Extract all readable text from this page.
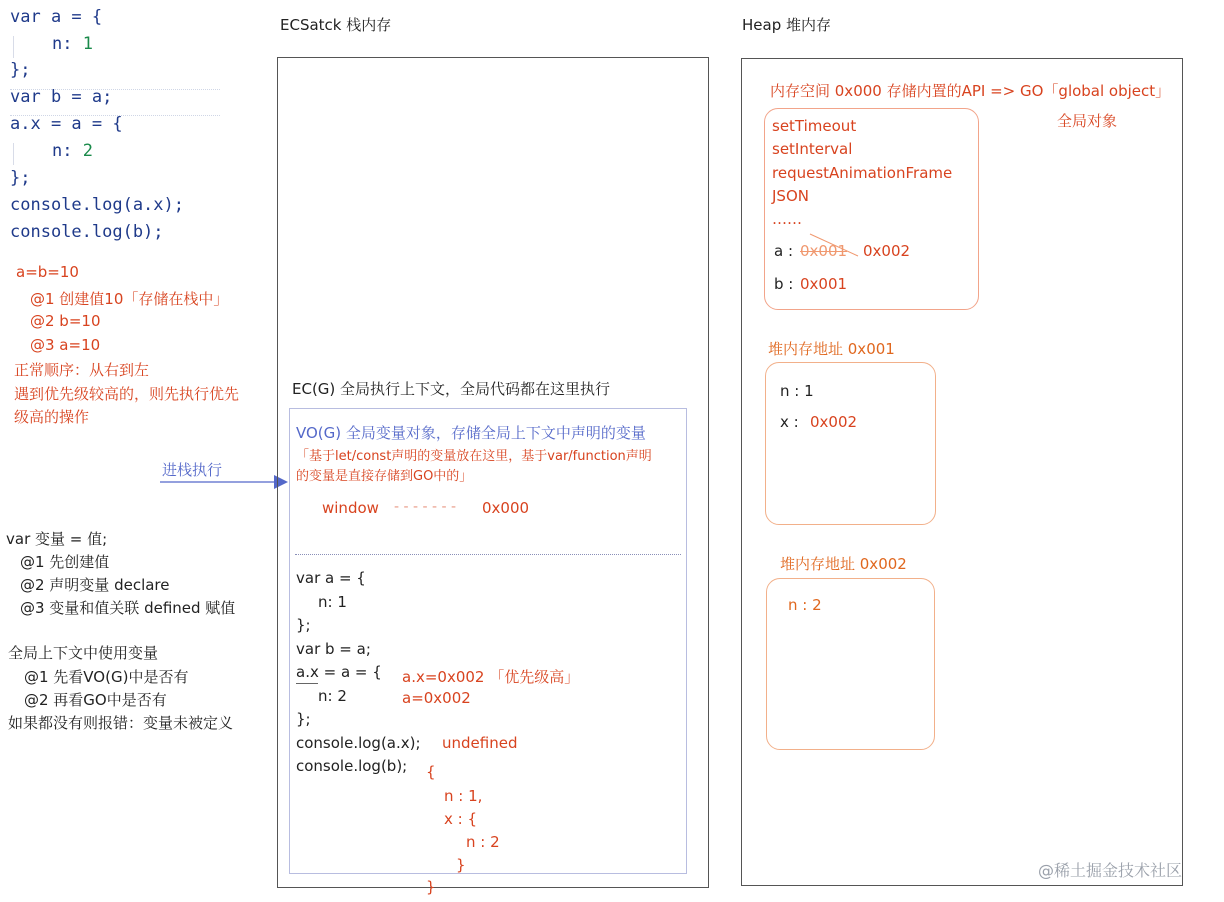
var a = {
n: 1
};
var b = a;
a.x = a = {
n: 2
};
console.log(a.x);
console.log(b);
a=b=10
@1 创建值10「存储在栈中」
@2 b=10
@3 a=10
正常顺序：从右到左
遇到优先级较高的，则先执行优先
级高的操作
进栈执行
var 变量 = 值;
@1 先创建值
@2 声明变量 declare
@3 变量和值关联 defined 赋值
全局上下文中使用变量
@1 先看VO(G)中是否有
@2 再看GO中是否有
如果都没有则报错：变量未被定义
ECSatck 栈内存
EC(G) 全局执行上下文，全局代码都在这里执行
VO(G) 全局变量对象，存储全局上下文中声明的变量
「基于let/const声明的变量放在这里，基于var/function声明
的变量是直接存储到GO中的」
window - - - - - - - 0x000
var a = {
n: 1
};
var b = a;
a.x = a = {
n: 2
};
console.log(a.x);
console.log(b);
a.x=0x002 「优先级高」
a=0x002
undefined
{
n : 1,
x : {
n : 2
}
}
Heap 堆内存
内存空间 0x000 存储内置的API => GO「global object」
全局对象
setTimeout
setInterval
requestAnimationFrame
JSON
……
a : 0x001 0x002
b : 0x001
堆内存地址 0x001
n : 1
x : 0x002
堆内存地址 0x002
n : 2
@稀土掘金技术社区
